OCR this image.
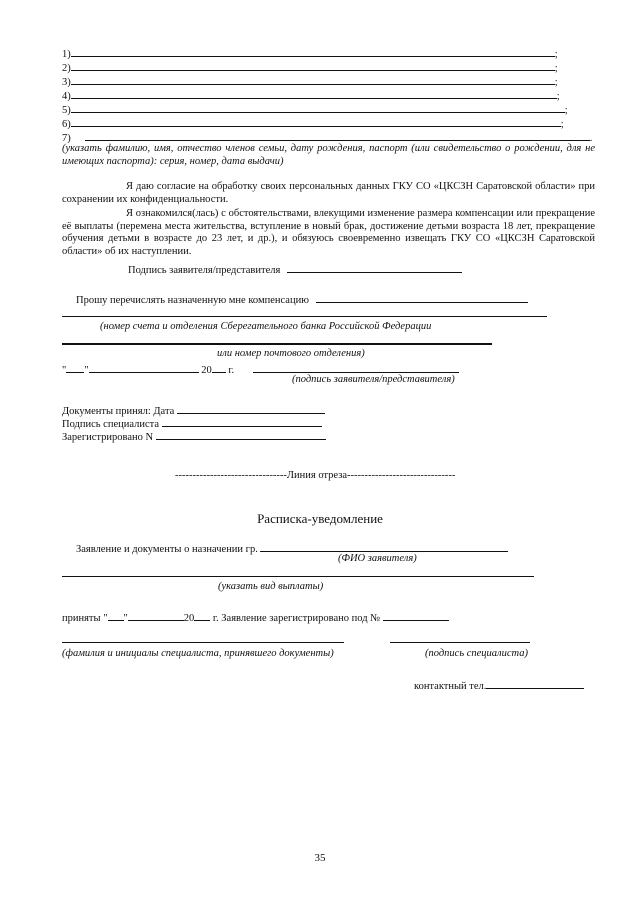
1)	;
2)	;
3)	;
4)	;
5)	;
6)	;
7)	.
(указать фамилию, имя, отчество членов семьи, дату рождения, паспорт (или свидетельство о рождении, для не имеющих паспорта): серия, номер, дата выдачи)
Я даю согласие на обработку своих персональных данных ГКУ СО «ЦКСЗН Саратовской области» при сохранении их конфиденциальности.
Я ознакомился(лась) с обстоятельствами, влекущими изменение размера компенсации или прекращение её выплаты (перемена места жительства, вступление в новый брак, достижение детьми возраста 18 лет, прекращение обучения детьми в возрасте до 23 лет, и др.), и обязуюсь своевременно извещать ГКУ СО «ЦКСЗН Саратовской области» об их наступлении.
Подпись заявителя/представителя
Прошу перечислять назначенную мне компенсацию
(номер счета и отделения Сберегательного банка Российской Федерации
или номер почтового отделения)
" "	20 г.
(подпись заявителя/представителя)
Документы принял: Дата
Подпись специалиста
Зарегистрировано N
--------------------------------Линия отреза-------------------------------
Расписка-уведомление
Заявление и документы о назначении гр.
(ФИО заявителя)
(указать вид выплаты)
приняты " "	20 г. Заявление зарегистрировано под №
(фамилия и инициалы специалиста, принявшего документы)	(подпись специалиста)
контактный тел.
35
